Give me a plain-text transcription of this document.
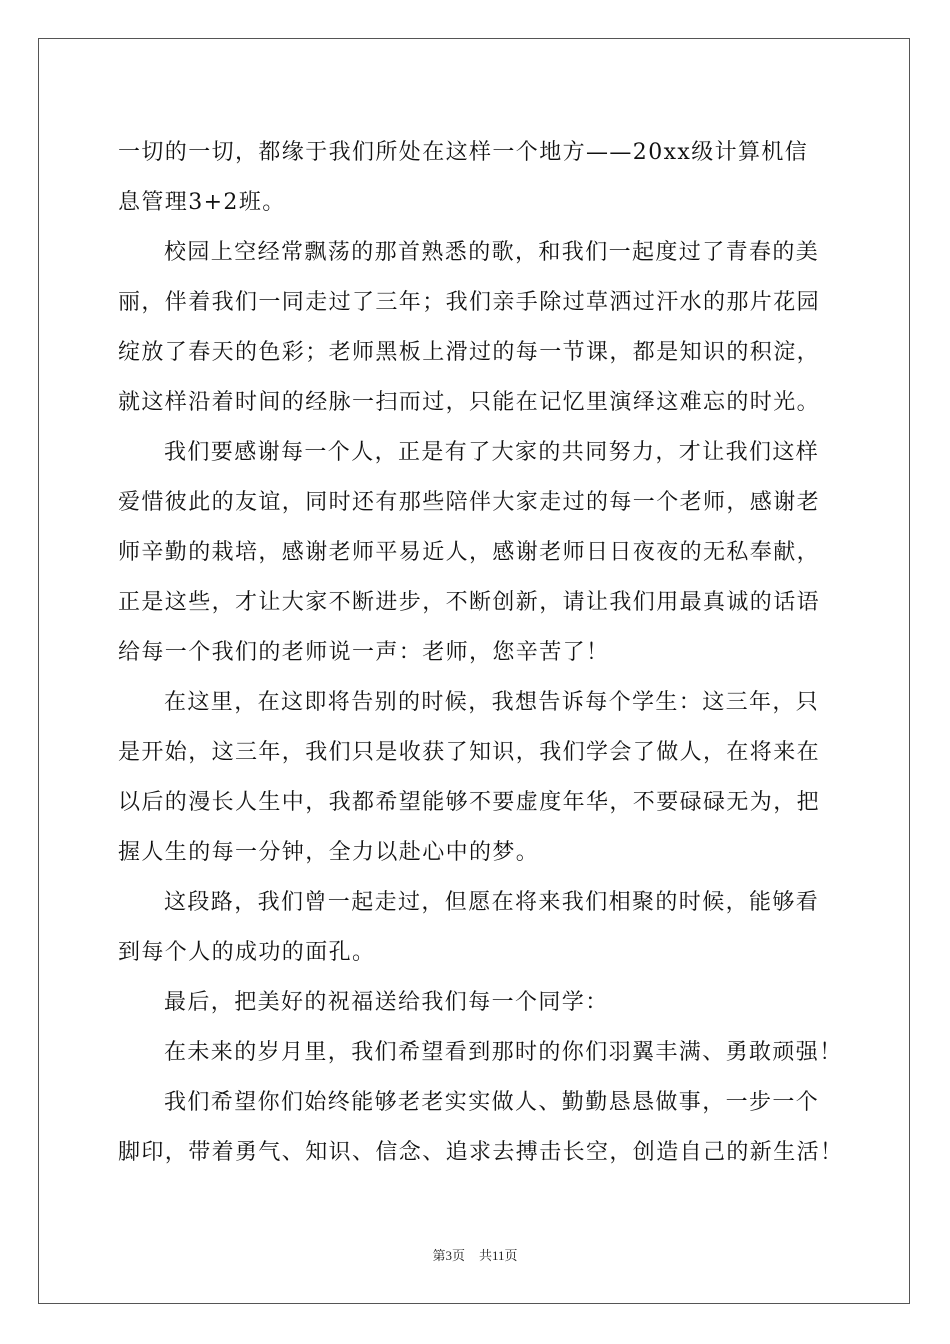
一切的一切，都缘于我们所处在这样一个地方——20xx级计算机信
息管理3+2班。
校园上空经常飘荡的那首熟悉的歌，和我们一起度过了青春的美
丽，伴着我们一同走过了三年；我们亲手除过草洒过汗水的那片花园
绽放了春天的色彩；老师黑板上滑过的每一节课，都是知识的积淀，
就这样沿着时间的经脉一扫而过，只能在记忆里演绎这难忘的时光。
我们要感谢每一个人，正是有了大家的共同努力，才让我们这样
爱惜彼此的友谊，同时还有那些陪伴大家走过的每一个老师，感谢老
师辛勤的栽培，感谢老师平易近人，感谢老师日日夜夜的无私奉献，
正是这些，才让大家不断进步，不断创新，请让我们用最真诚的话语
给每一个我们的老师说一声：老师，您辛苦了！
在这里，在这即将告别的时候，我想告诉每个学生：这三年，只
是开始，这三年，我们只是收获了知识，我们学会了做人，在将来在
以后的漫长人生中，我都希望能够不要虚度年华，不要碌碌无为，把
握人生的每一分钟，全力以赴心中的梦。
这段路，我们曾一起走过，但愿在将来我们相聚的时候，能够看
到每个人的成功的面孔。
最后，把美好的祝福送给我们每一个同学：
在未来的岁月里，我们希望看到那时的你们羽翼丰满、勇敢顽强！
我们希望你们始终能够老老实实做人、勤勤恳恳做事，一步一个
脚印，带着勇气、知识、信念、追求去搏击长空，创造自己的新生活！
第3页 共11页
